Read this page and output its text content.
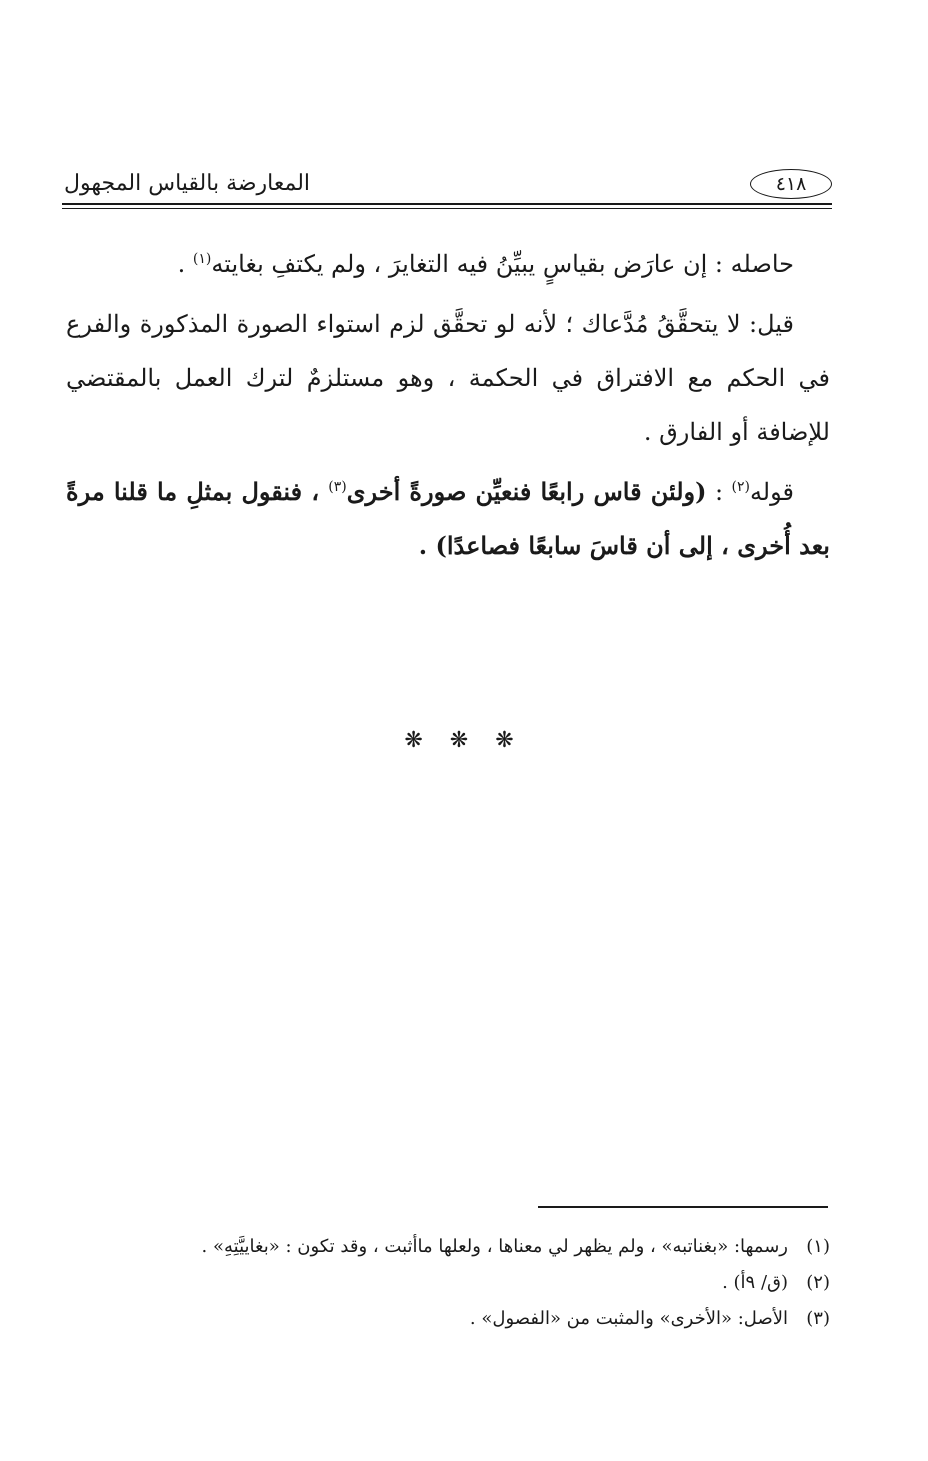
المعارضة بالقياس المجهول	٤١٨

حاصله : إن عارَض بقياسٍ يبيِّنُ فيه التغايرَ ، ولم يكتفِ بغايته$^{(١)}$ .

قيل: لا يتحقَّقُ مُدَّعاك ؛ لأنه لو تحقَّق لزم استواء الصورة المذكورة والفرع في الحكم مع الافتراق في الحكمة ، وهو مستلزمٌ لترك العمل بالمقتضي للإضافة أو الفارق .

قوله$^{(٢)}$ : (ولئن قاس رابعًا فنعيِّن صورةً أخرى$^{(٣)}$ ، فنقول بمثلِ ما قلنا مرةً بعد أُخرى ، إلى أن قاسَ سابعًا فصاعدًا) .

❋ ❋ ❋
(١)رسمها: «بغناتبه» ، ولم يظهر لي معناها ، ولعلها ماأثبت ، وقد تكون : «بغاييَّتِهِ» .
(٢)(ق/ ٩أ) .
(٣)الأصل: «الأخرى» والمثبت من «الفصول» .
